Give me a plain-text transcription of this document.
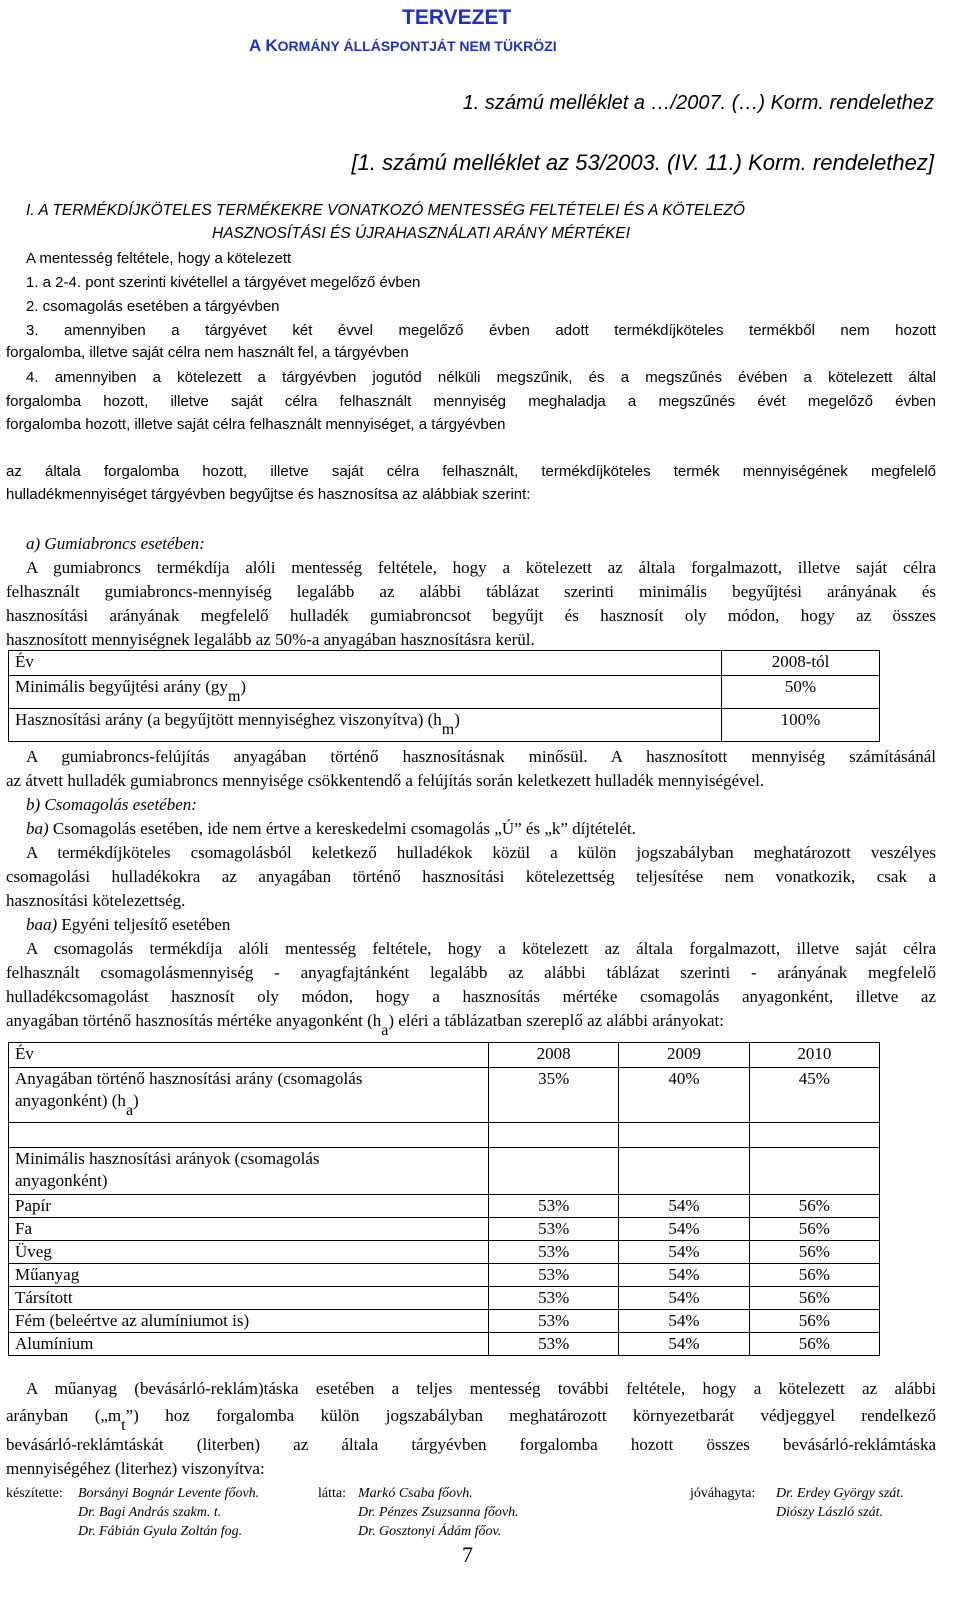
TERVEZET
A KORMÁNY ÁLLÁSPONTJÁT NEM TÜKRÖZI
1. számú melléklet a …/2007. (…) Korm. rendelethez
[1. számú melléklet az 53/2003. (IV. 11.) Korm. rendelethez]
I. A TERMÉKDÍJKÖTELES TERMÉKEKRE VONATKOZÓ MENTESSÉG FELTÉTELEI ÉS A KÖTELEZŐ
HASZNOSÍTÁSI ÉS ÚJRAHASZNÁLATI ARÁNY MÉRTÉKEI
A mentesség feltétele, hogy a kötelezett
1. a 2-4. pont szerinti kivétellel a tárgyévet megelőző évben
2. csomagolás esetében a tárgyévben
3. amennyiben a tárgyévet két évvel megelőző évben adott termékdíjköteles termékből nem hozott
forgalomba, illetve saját célra nem használt fel, a tárgyévben
4. amennyiben a kötelezett a tárgyévben jogutód nélküli megszűnik, és a megszűnés évében a kötelezett által
forgalomba hozott, illetve saját célra felhasznált mennyiség meghaladja a megszűnés évét megelőző évben
forgalomba hozott, illetve saját célra felhasznált mennyiséget, a tárgyévben
az általa forgalomba hozott, illetve saját célra felhasznált, termékdíjköteles termék mennyiségének megfelelő
hulladékmennyiséget tárgyévben begyűjtse és hasznosítsa az alábbiak szerint:
a) Gumiabroncs esetében:
A gumiabroncs termékdíja alóli mentesség feltétele, hogy a kötelezett az általa forgalmazott, illetve saját célra
felhasznált gumiabroncs-mennyiség legalább az alábbi táblázat szerinti minimális begyűjtési arányának és
hasznosítási arányának megfelelő hulladék gumiabroncsot begyűjt és hasznosít oly módon, hogy az összes
hasznosított mennyiségnek legalább az 50%-a anyagában hasznosításra kerül.
Év	2008-tól
Minimális begyűjtési arány (gym)	50%
Hasznosítási arány (a begyűjtött mennyiséghez viszonyítva) (hm)	100%
A gumiabroncs-felújítás anyagában történő hasznosításnak minősül. A hasznosított mennyiség számításánál
az átvett hulladék gumiabroncs mennyisége csökkentendő a felújítás során keletkezett hulladék mennyiségével.
b) Csomagolás esetében:
ba) Csomagolás esetében, ide nem értve a kereskedelmi csomagolás „Ú” és „k” díjtételét.
A termékdíjköteles csomagolásból keletkező hulladékok közül a külön jogszabályban meghatározott veszélyes
csomagolási hulladékokra az anyagában történő hasznosítási kötelezettség teljesítése nem vonatkozik, csak a
hasznosítási kötelezettség.
baa) Egyéni teljesítő esetében
A csomagolás termékdíja alóli mentesség feltétele, hogy a kötelezett az általa forgalmazott, illetve saját célra
felhasznált csomagolásmennyiség - anyagfajtánként legalább az alábbi táblázat szerinti - arányának megfelelő
hulladékcsomagolást hasznosít oly módon, hogy a hasznosítás mértéke csomagolás anyagonként, illetve az
anyagában történő hasznosítás mértéke anyagonként (ha) eléri a táblázatban szereplő az alábbi arányokat:
Év	2008	2009	2010

Anyagában történő hasznosítási arány (csomagolás
anyagonként) (ha)	35%	40%	45%

Minimális hasznosítási arányok (csomagolás
anyagonként)			

Papír	53%	54%	56%
Fa	53%	54%	56%
Üveg	53%	54%	56%
Műanyag	53%	54%	56%
Társított	53%	54%	56%
Fém (beleértve az alumíniumot is)	53%	54%	56%
Alumínium	53%	54%	56%
A műanyag (bevásárló-reklám)táska esetében a teljes mentesség további feltétele, hogy a kötelezett az alábbi
arányban („mt”) hoz forgalomba külön jogszabályban meghatározott környezetbarát védjeggyel rendelkező
bevásárló-reklámtáskát (literben) az általa tárgyévben forgalomba hozott összes bevásárló-reklámtáska
mennyiségéhez (literhez) viszonyítva:
készítette: Borsányi Bognár Levente főovh.
Dr. Bagi András szakm. t.
Dr. Fábián Gyula Zoltán fog.
látta: Markó Csaba főovh.
Dr. Pénzes Zsuzsanna főovh.
Dr. Gosztonyi Ádám főov.
jóváhagyta: Dr. Erdey György szát.
Diószy László szát.
7
